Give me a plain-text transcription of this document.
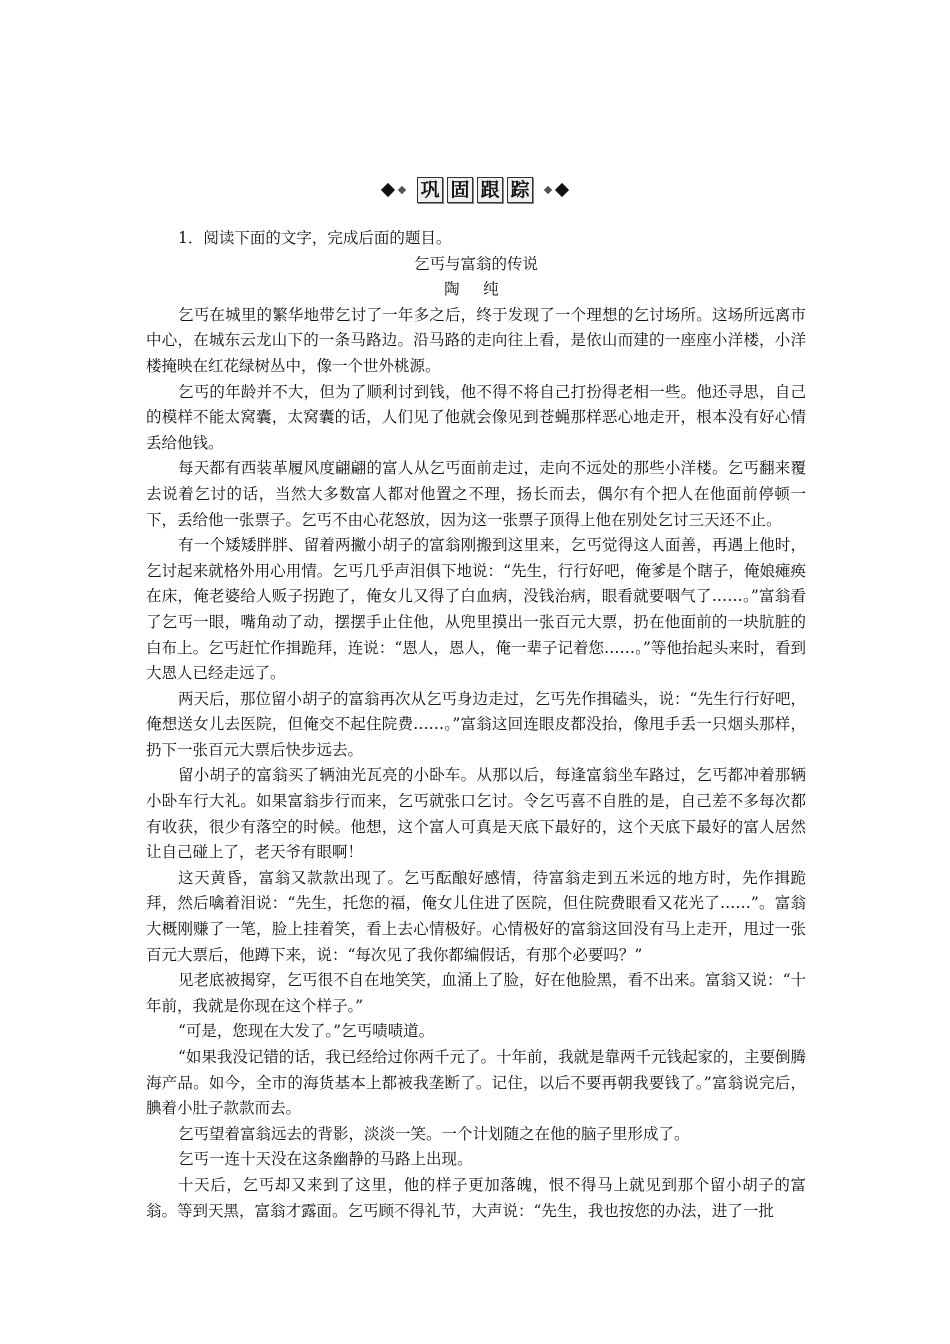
巩 固 跟 踪

1．阅读下面的文字，完成后面的题目。

乞丐与富翁的传说

陶 纯

乞丐在城里的繁华地带乞讨了一年多之后，终于发现了一个理想的乞讨场所。这场所远离市中心，在城东云龙山下的一条马路边。沿马路的走向往上看，是依山而建的一座座小洋楼，小洋楼掩映在红花绿树丛中，像一个世外桃源。

乞丐的年龄并不大，但为了顺利讨到钱，他不得不将自己打扮得老相一些。他还寻思，自己的模样不能太窝囊，太窝囊的话，人们见了他就会像见到苍蝇那样恶心地走开，根本没有好心情丢给他钱。

每天都有西装革履风度翩翩的富人从乞丐面前走过，走向不远处的那些小洋楼。乞丐翻来覆去说着乞讨的话，当然大多数富人都对他置之不理，扬长而去，偶尔有个把人在他面前停顿一下，丢给他一张票子。乞丐不由心花怒放，因为这一张票子顶得上他在别处乞讨三天还不止。

有一个矮矮胖胖、留着两撇小胡子的富翁刚搬到这里来，乞丐觉得这人面善，再遇上他时，乞讨起来就格外用心用情。乞丐几乎声泪俱下地说：“先生，行行好吧，俺爹是个瞎子，俺娘瘫痪在床，俺老婆给人贩子拐跑了，俺女儿又得了白血病，没钱治病，眼看就要咽气了……。”富翁看了乞丐一眼，嘴角动了动，摆摆手止住他，从兜里摸出一张百元大票，扔在他面前的一块肮脏的白布上。乞丐赶忙作揖跪拜，连说：“恩人，恩人，俺一辈子记着您……。”等他抬起头来时，看到大恩人已经走远了。

两天后，那位留小胡子的富翁再次从乞丐身边走过，乞丐先作揖磕头，说：“先生行行好吧，俺想送女儿去医院，但俺交不起住院费……。”富翁这回连眼皮都没抬，像甩手丢一只烟头那样，扔下一张百元大票后快步远去。

留小胡子的富翁买了辆油光瓦亮的小卧车。从那以后，每逢富翁坐车路过，乞丐都冲着那辆小卧车行大礼。如果富翁步行而来，乞丐就张口乞讨。令乞丐喜不自胜的是，自己差不多每次都有收获，很少有落空的时候。他想，这个富人可真是天底下最好的，这个天底下最好的富人居然让自己碰上了，老天爷有眼啊！

这天黄昏，富翁又款款出现了。乞丐酝酿好感情，待富翁走到五米远的地方时，先作揖跪拜，然后噙着泪说：“先生，托您的福，俺女儿住进了医院，但住院费眼看又花光了……”。富翁大概刚赚了一笔，脸上挂着笑，看上去心情极好。心情极好的富翁这回没有马上走开，甩过一张百元大票后，他蹲下来，说：“每次见了我你都编假话，有那个必要吗？”

见老底被揭穿，乞丐很不自在地笑笑，血涌上了脸，好在他脸黑，看不出来。富翁又说：“十年前，我就是你现在这个样子。”

“可是，您现在大发了。”乞丐啧啧道。

“如果我没记错的话，我已经给过你两千元了。十年前，我就是靠两千元钱起家的，主要倒腾海产品。如今，全市的海货基本上都被我垄断了。记住，以后不要再朝我要钱了。”富翁说完后，腆着小肚子款款而去。

乞丐望着富翁远去的背影，淡淡一笑。一个计划随之在他的脑子里形成了。

乞丐一连十天没在这条幽静的马路上出现。

十天后，乞丐却又来到了这里，他的样子更加落魄，恨不得马上就见到那个留小胡子的富翁。等到天黑，富翁才露面。乞丐顾不得礼节，大声说：“先生，我也按您的办法，进了一批
